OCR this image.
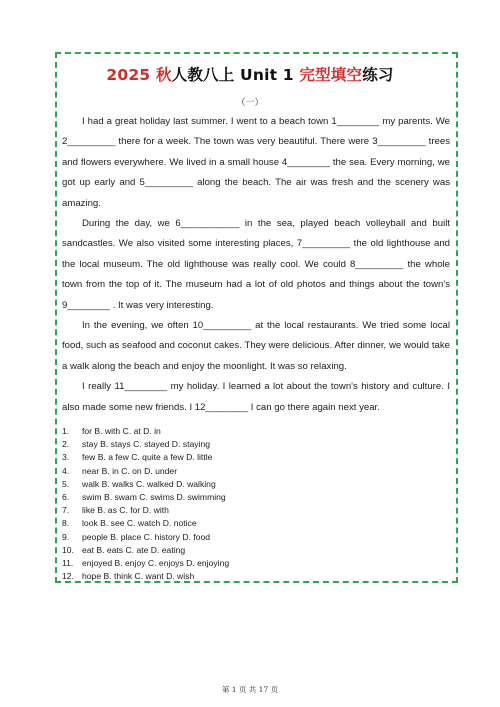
2025 秋人教八上 Unit 1 完型填空练习
（一）

I had a great holiday last summer. I went to a beach town 1________ my parents. We 2_________ there for a week. The town was very beautiful. There were 3_________ trees and flowers everywhere. We lived in a small house 4________ the sea. Every morning, we got up early and 5_________ along the beach. The air was fresh and the scenery was amazing.

During the day, we 6___________ in the sea, played beach volleyball and built sandcastles. We also visited some interesting places, 7_________ the old lighthouse and the local museum. The old lighthouse was really cool. We could 8_________ the whole town from the top of it. The museum had a lot of old photos and things about the town's 9________ . It was very interesting.

In the evening, we often 10_________ at the local restaurants. We tried some local food, such as seafood and coconut cakes. They were delicious. After dinner, we would take a walk along the beach and enjoy the moonlight. It was so relaxing.

I really 11________ my holiday. I learned a lot about the town's history and culture. I also made some new friends. I 12________ I can go there again next year.

1.	for B. with C. at D. in
2.	stay B. stays C. stayed D. staying
3.	few B. a few C. quite a few D. little
4.	near B. in C. on D. under
5.	walk B. walks C. walked D. walking
6.	swim B. swam C. swims D. swimming
7.	like B. as C. for D. with
8.	look B. see C. watch D. notice
9.	people B. place C. history D. food
10. eat B. eats C. ate D. eating
11.	enjoyed B. enjoy C. enjoys D. enjoying
12. hope B. think C. want D. wish
第 1 页 共 17 页
